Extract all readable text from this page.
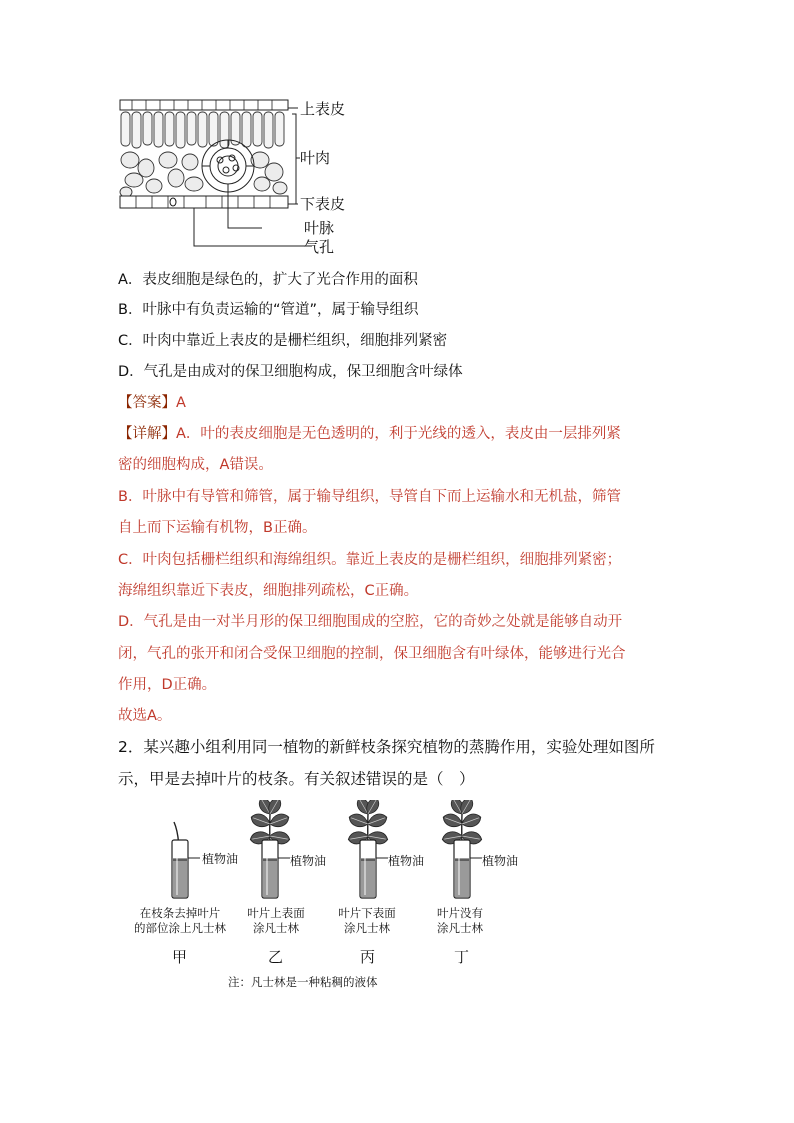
上表皮
叶肉
下表皮
叶脉
气孔
A．表皮细胞是绿色的，扩大了光合作用的面积
B．叶脉中有负责运输的“管道”，属于输导组织
C．叶肉中靠近上表皮的是栅栏组织，细胞排列紧密
D．气孔是由成对的保卫细胞构成，保卫细胞含叶绿体
【答案】A
【详解】A．叶的表皮细胞是无色透明的，利于光线的透入，表皮由一层排列紧
密的细胞构成，A错误。
B．叶脉中有导管和筛管，属于输导组织，导管自下而上运输水和无机盐，筛管
自上而下运输有机物，B正确。
C．叶肉包括栅栏组织和海绵组织。靠近上表皮的是栅栏组织，细胞排列紧密；
海绵组织靠近下表皮，细胞排列疏松，C正确。
D．气孔是由一对半月形的保卫细胞围成的空腔，它的奇妙之处就是能够自动开
闭，气孔的张开和闭合受保卫细胞的控制，保卫细胞含有叶绿体，能够进行光合
作用，D正确。
故选A。
2．某兴趣小组利用同一植物的新鲜枝条探究植物的蒸腾作用，实验处理如图所
示，甲是去掉叶片的枝条。有关叙述错误的是（　）
植物油	植物油	植物油	植物油
在枝条去掉叶片
的部位涂上凡士林
叶片上表面
涂凡士林
叶片下表面
涂凡士林
叶片没有
涂凡士林
甲	乙	丙	丁
注：凡士林是一种粘稠的液体
